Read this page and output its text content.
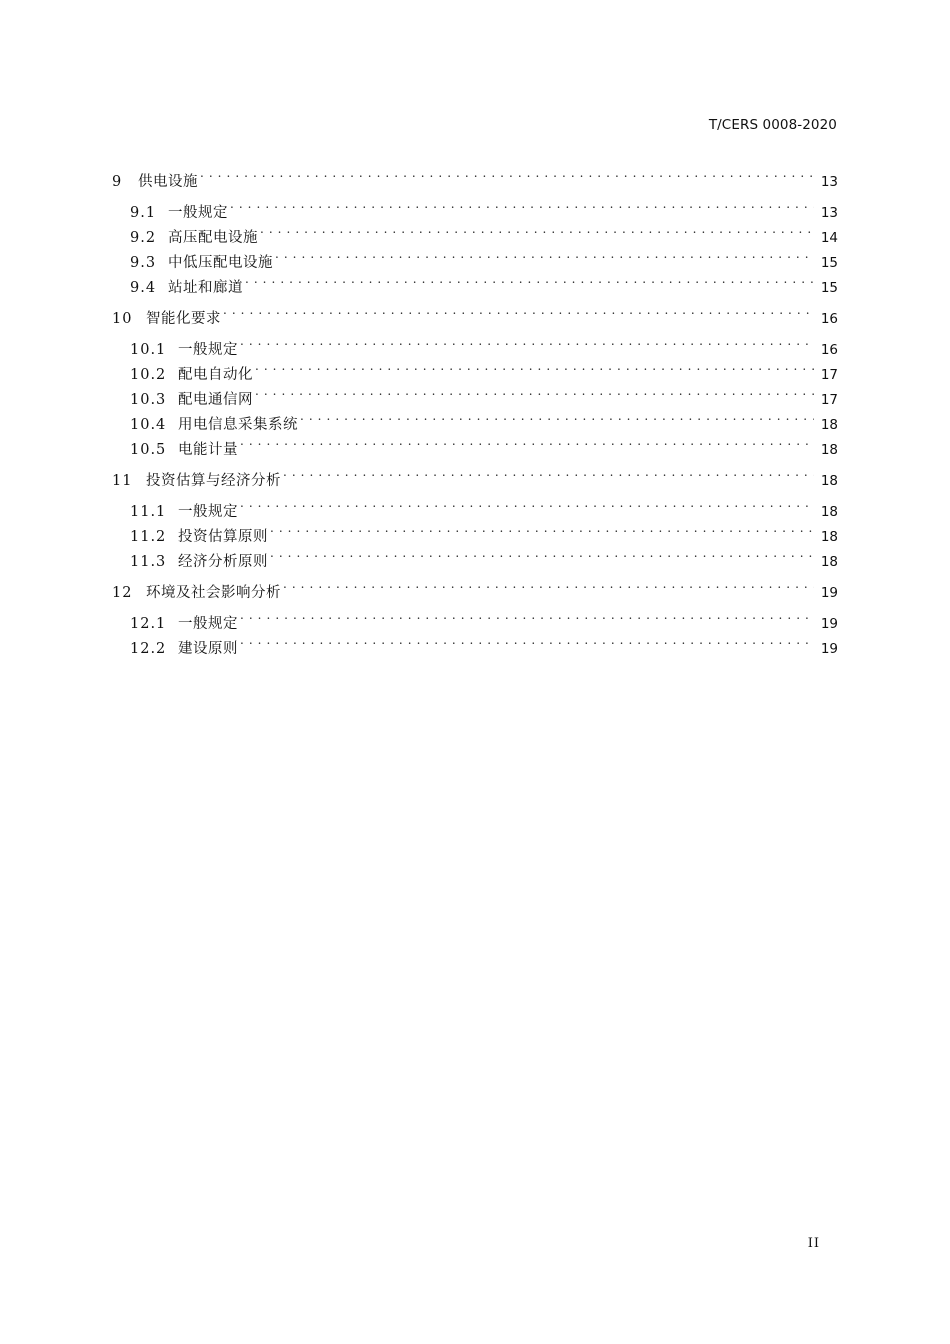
T/CERS 0008-2020
9	供电设施 . . .	13
9.1 一般规定 . . .	13
9.2 高压配电设施 . . .	14
9.3 中低压配电设施 . . .	15
9.4 站址和廊道 . . .	15
10 智能化要求 . . .	16
10.1 一般规定 . . .	16
10.2 配电自动化 . . .	17
10.3 配电通信网 . . .	17
10.4 用电信息采集系统 . . .	18
10.5 电能计量 . . .	18
11 投资估算与经济分析 . . .	18
11.1 一般规定 . . .	18
11.2 投资估算原则 . . .	18
11.3 经济分析原则 . . .	18
12 环境及社会影响分析 . . .	19
12.1 一般规定 . . .	19
12.2 建设原则 . . .	19
II
